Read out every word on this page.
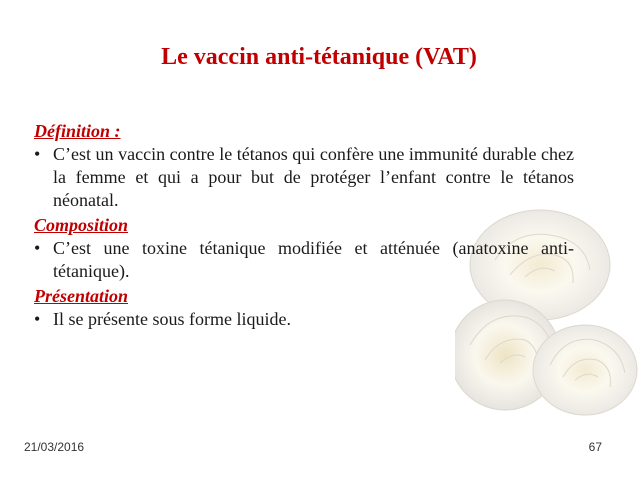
Le vaccin anti-tétanique (VAT)
Définition :
• C’est un vaccin contre le tétanos qui confère une immunité durable chez la femme et qui a pour but de protéger l’enfant contre le tétanos néonatal.
Composition
• C’est une toxine tétanique modifiée et atténuée (anatoxine anti-tétanique).
Présentation
• Il se présente sous forme liquide.
21/03/2016	67
